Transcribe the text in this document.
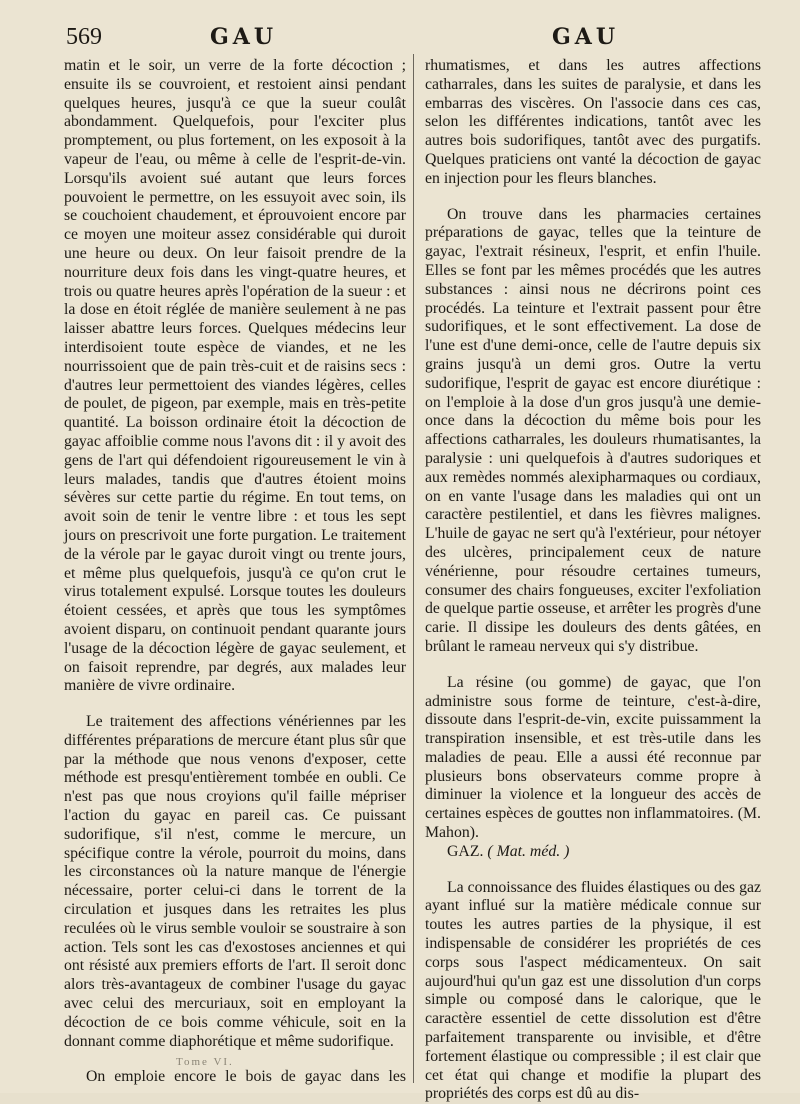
569	GAU	GAU

matin et le soir, un verre de la forte décoction ; ensuite ils se couvroient, et restoient ainsi pendant quelques heures, jusqu'à ce que la sueur coulât abondamment. Quelquefois, pour l'exciter plus promptement, ou plus fortement, on les exposoit à la vapeur de l'eau, ou même à celle de l'esprit-de-vin. Lorsqu'ils avoient sué autant que leurs forces pouvoient le permettre, on les essuyoit avec soin, ils se couchoient chaudement, et éprouvoient encore par ce moyen une moiteur assez considérable qui duroit une heure ou deux. On leur faisoit prendre de la nourriture deux fois dans les vingt-quatre heures, et trois ou quatre heures après l'opération de la sueur : et la dose en étoit réglée de manière seulement à ne pas laisser abattre leurs forces. Quelques médecins leur interdisoient toute espèce de viandes, et ne les nourrissoient que de pain très-cuit et de raisins secs : d'autres leur permettoient des viandes légères, celles de poulet, de pigeon, par exemple, mais en très-petite quantité. La boisson ordinaire étoit la décoction de gayac affoiblie comme nous l'avons dit : il y avoit des gens de l'art qui défendoient rigoureusement le vin à leurs malades, tandis que d'autres étoient moins sévères sur cette partie du régime. En tout tems, on avoit soin de tenir le ventre libre : et tous les sept jours on prescrivoit une forte purgation. Le traitement de la vérole par le gayac duroit vingt ou trente jours, et même plus quelquefois, jusqu'à ce qu'on crut le virus totalement expulsé. Lorsque toutes les douleurs étoient cessées, et après que tous les symptômes avoient disparu, on continuoit pendant quarante jours l'usage de la décoction légère de gayac seulement, et on faisoit reprendre, par degrés, aux malades leur manière de vivre ordinaire.

Le traitement des affections vénériennes par les différentes préparations de mercure étant plus sûr que par la méthode que nous venons d'exposer, cette méthode est presqu'entièrement tombée en oubli. Ce n'est pas que nous croyions qu'il faille mépriser l'action du gayac en pareil cas. Ce puissant sudorifique, s'il n'est, comme le mercure, un spécifique contre la vérole, pourroit du moins, dans les circonstances où la nature manque de l'énergie nécessaire, porter celui-ci dans le torrent de la circulation et jusques dans les retraites les plus reculées où le virus semble vouloir se soustraire à son action. Tels sont les cas d'exostoses anciennes et qui ont résisté aux premiers efforts de l'art. Il seroit donc alors très-avantageux de combiner l'usage du gayac avec celui des mercuriaux, soit en employant la décoction de ce bois comme véhicule, soit en la donnant comme diaphorétique et même sudorifique.

On emploie encore le bois de gayac dans les

rhumatismes, et dans les autres affections catharrales, dans les suites de paralysie, et dans les embarras des viscères. On l'associe dans ces cas, selon les différentes indications, tantôt avec les autres bois sudorifiques, tantôt avec des purgatifs. Quelques praticiens ont vanté la décoction de gayac en injection pour les fleurs blanches.

On trouve dans les pharmacies certaines préparations de gayac, telles que la teinture de gayac, l'extrait résineux, l'esprit, et enfin l'huile. Elles se font par les mêmes procédés que les autres substances : ainsi nous ne décrirons point ces procédés. La teinture et l'extrait passent pour être sudorifiques, et le sont effectivement. La dose de l'une est d'une demi-once, celle de l'autre depuis six grains jusqu'à un demi gros. Outre la vertu sudorifique, l'esprit de gayac est encore diurétique : on l'emploie à la dose d'un gros jusqu'à une demie-once dans la décoction du même bois pour les affections catharrales, les douleurs rhumatisantes, la paralysie : uni quelquefois à d'autres sudoriques et aux remèdes nommés alexipharmaques ou cordiaux, on en vante l'usage dans les maladies qui ont un caractère pestilentiel, et dans les fièvres malignes. L'huile de gayac ne sert qu'à l'extérieur, pour nétoyer des ulcères, principalement ceux de nature vénérienne, pour résoudre certaines tumeurs, consumer des chairs fongueuses, exciter l'exfoliation de quelque partie osseuse, et arrêter les progrès d'une carie. Il dissipe les douleurs des dents gâtées, en brûlant le rameau nerveux qui s'y distribue.

La résine (ou gomme) de gayac, que l'on administre sous forme de teinture, c'est-à-dire, dissoute dans l'esprit-de-vin, excite puissamment la transpiration insensible, et est très-utile dans les maladies de peau. Elle a aussi été reconnue par plusieurs bons observateurs comme propre à diminuer la violence et la longueur des accès de certaines espèces de gouttes non inflammatoires. (M. Mahon).

GAZ. ( Mat. méd. )

La connoissance des fluides élastiques ou des gaz ayant influé sur la matière médicale connue sur toutes les autres parties de la physique, il est indispensable de considérer les propriétés de ces corps sous l'aspect médicamenteux. On sait aujourd'hui qu'un gaz est une dissolution d'un corps simple ou composé dans le calorique, que le caractère essentiel de cette dissolution est d'être parfaitement transparente ou invisible, et d'être fortement élastique ou compressible ; il est clair que cet état qui change et modifie la plupart des propriétés des corps est dû au dis-

Tome VI.
